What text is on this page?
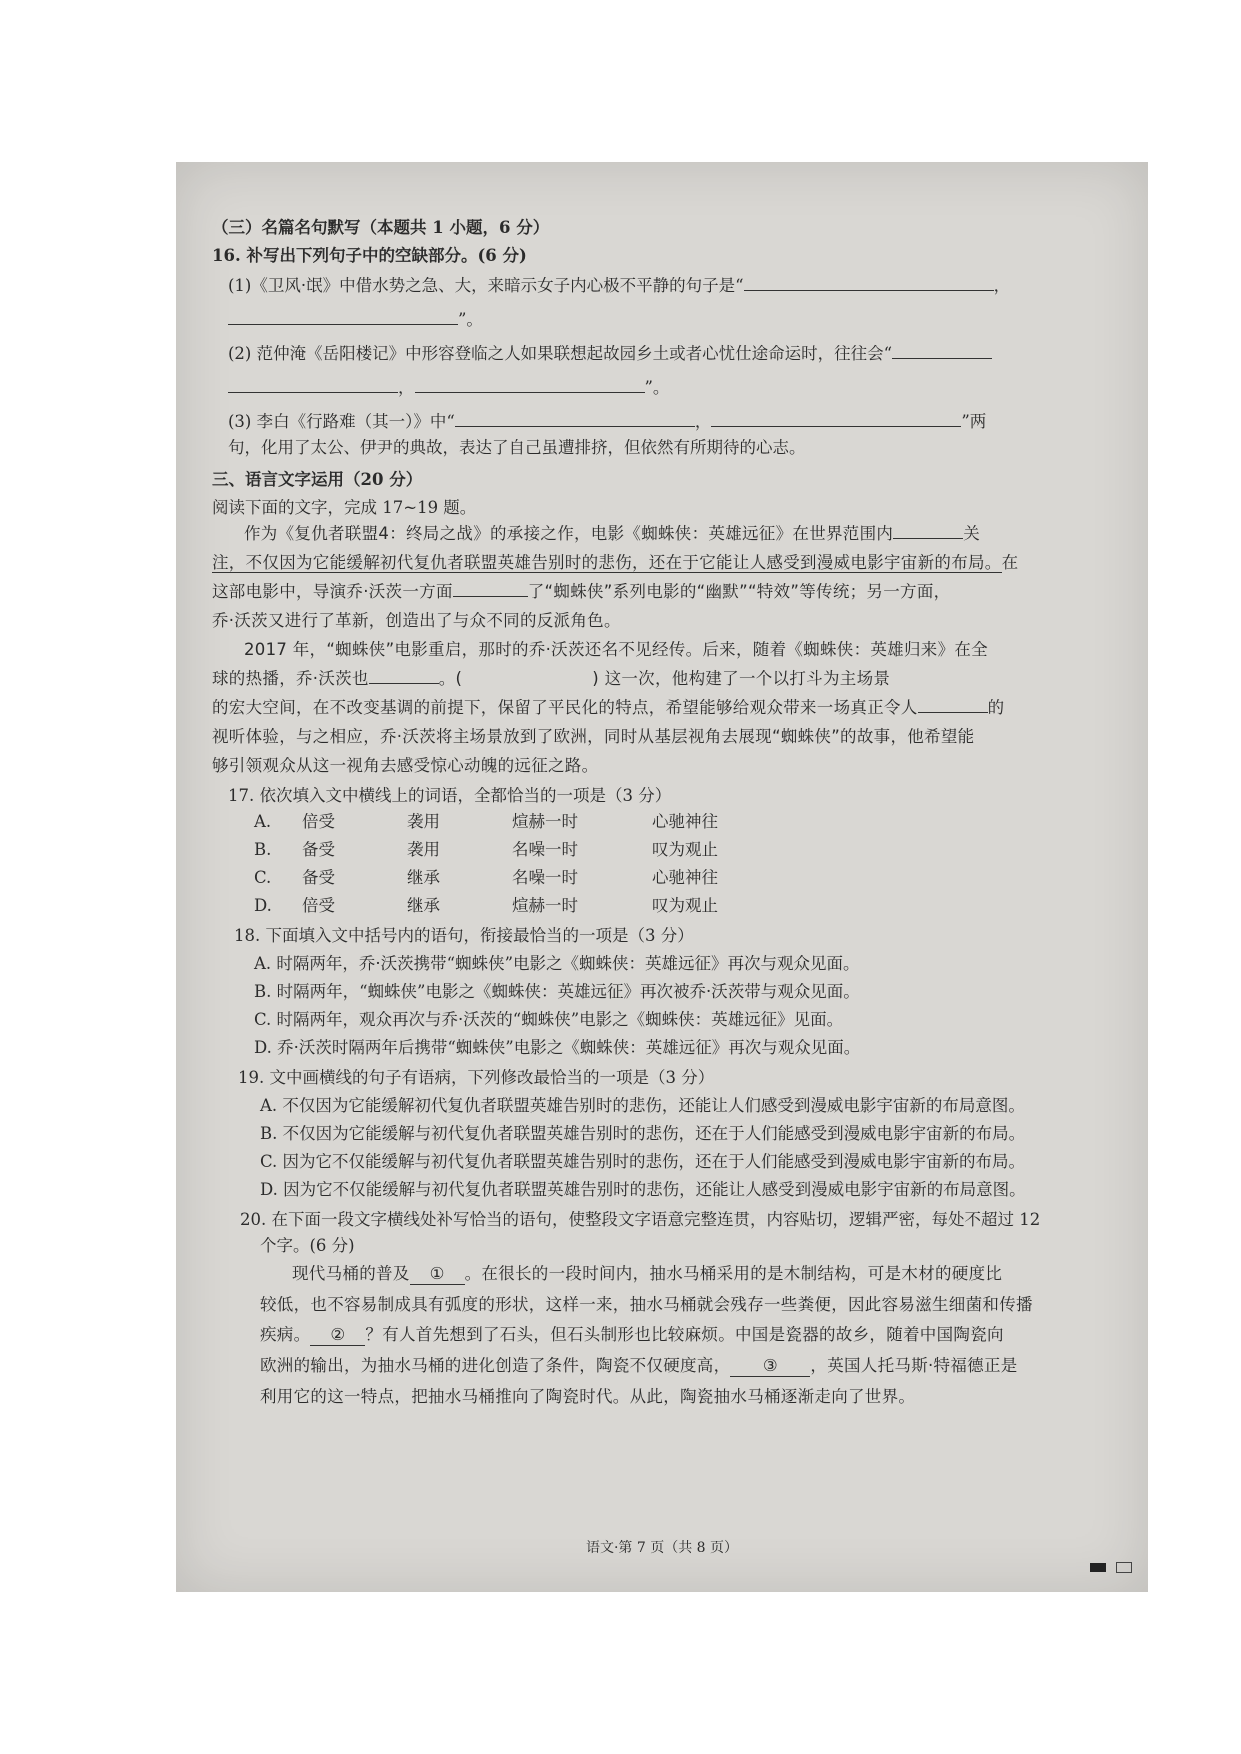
（三）名篇名句默写（本题共 1 小题，6 分）

16. 补写出下列句子中的空缺部分。(6 分)

(1)《卫风·氓》中借水势之急、大，来暗示女子内心极不平静的句子是“	，

”。

(2) 范仲淹《岳阳楼记》中形容登临之人如果联想起故园乡土或者心忧仕途命运时，往往会“

，	”。

(3) 李白《行路难（其一）》中“	，	”两

句，化用了太公、伊尹的典故，表达了自己虽遭排挤，但依然有所期待的心志。

三、语言文字运用（20 分）

阅读下面的文字，完成 17~19 题。

作为《复仇者联盟4：终局之战》的承接之作，电影《蜘蛛侠：英雄远征》在世界范围内	关

注，不仅因为它能缓解初代复仇者联盟英雄告别时的悲伤，还在于它能让人感受到漫威电影宇宙新的布局。在

这部电影中，导演乔·沃茨一方面	了“蜘蛛侠”系列电影的“幽默”“特效”等传统；另一方面，

乔·沃茨又进行了革新，创造出了与众不同的反派角色。

2017 年，“蜘蛛侠”电影重启，那时的乔·沃茨还名不见经传。后来，随着《蜘蛛侠：英雄归来》在全

球的热播，乔·沃茨也	。(	) 这一次，他构建了一个以打斗为主场景

的宏大空间，在不改变基调的前提下，保留了平民化的特点，希望能够给观众带来一场真正令人	的

视听体验，与之相应，乔·沃茨将主场景放到了欧洲，同时从基层视角去展现“蜘蛛侠”的故事，他希望能

够引领观众从这一视角去感受惊心动魄的远征之路。

17. 依次填入文中横线上的词语，全都恰当的一项是（3 分）

A. 倍受	袭用	煊赫一时	心驰神往

B. 备受	袭用	名噪一时	叹为观止

C. 备受	继承	名噪一时	心驰神往

D. 倍受	继承	煊赫一时	叹为观止

18. 下面填入文中括号内的语句，衔接最恰当的一项是（3 分）

A. 时隔两年，乔·沃茨携带“蜘蛛侠”电影之《蜘蛛侠：英雄远征》再次与观众见面。

B. 时隔两年，“蜘蛛侠”电影之《蜘蛛侠：英雄远征》再次被乔·沃茨带与观众见面。

C. 时隔两年，观众再次与乔·沃茨的“蜘蛛侠”电影之《蜘蛛侠：英雄远征》见面。

D. 乔·沃茨时隔两年后携带“蜘蛛侠”电影之《蜘蛛侠：英雄远征》再次与观众见面。

19. 文中画横线的句子有语病，下列修改最恰当的一项是（3 分）

A. 不仅因为它能缓解初代复仇者联盟英雄告别时的悲伤，还能让人们感受到漫威电影宇宙新的布局意图。

B. 不仅因为它能缓解与初代复仇者联盟英雄告别时的悲伤，还在于人们能感受到漫威电影宇宙新的布局。

C. 因为它不仅能缓解与初代复仇者联盟英雄告别时的悲伤，还在于人们能感受到漫威电影宇宙新的布局。

D. 因为它不仅能缓解与初代复仇者联盟英雄告别时的悲伤，还能让人感受到漫威电影宇宙新的布局意图。

20. 在下面一段文字横线处补写恰当的语句，使整段文字语意完整连贯，内容贴切，逻辑严密，每处不超过 12

个字。(6 分)

现代马桶的普及 ① 。在很长的一段时间内，抽水马桶采用的是木制结构，可是木材的硬度比

较低，也不容易制成具有弧度的形状，这样一来，抽水马桶就会残存一些粪便，因此容易滋生细菌和传播

疾病。 ② ？有人首先想到了石头，但石头制形也比较麻烦。中国是瓷器的故乡，随着中国陶瓷向

欧洲的输出，为抽水马桶的进化创造了条件，陶瓷不仅硬度高， ③ ，英国人托马斯·特福德正是

利用它的这一特点，把抽水马桶推向了陶瓷时代。从此，陶瓷抽水马桶逐渐走向了世界。

语文·第 7 页（共 8 页）
